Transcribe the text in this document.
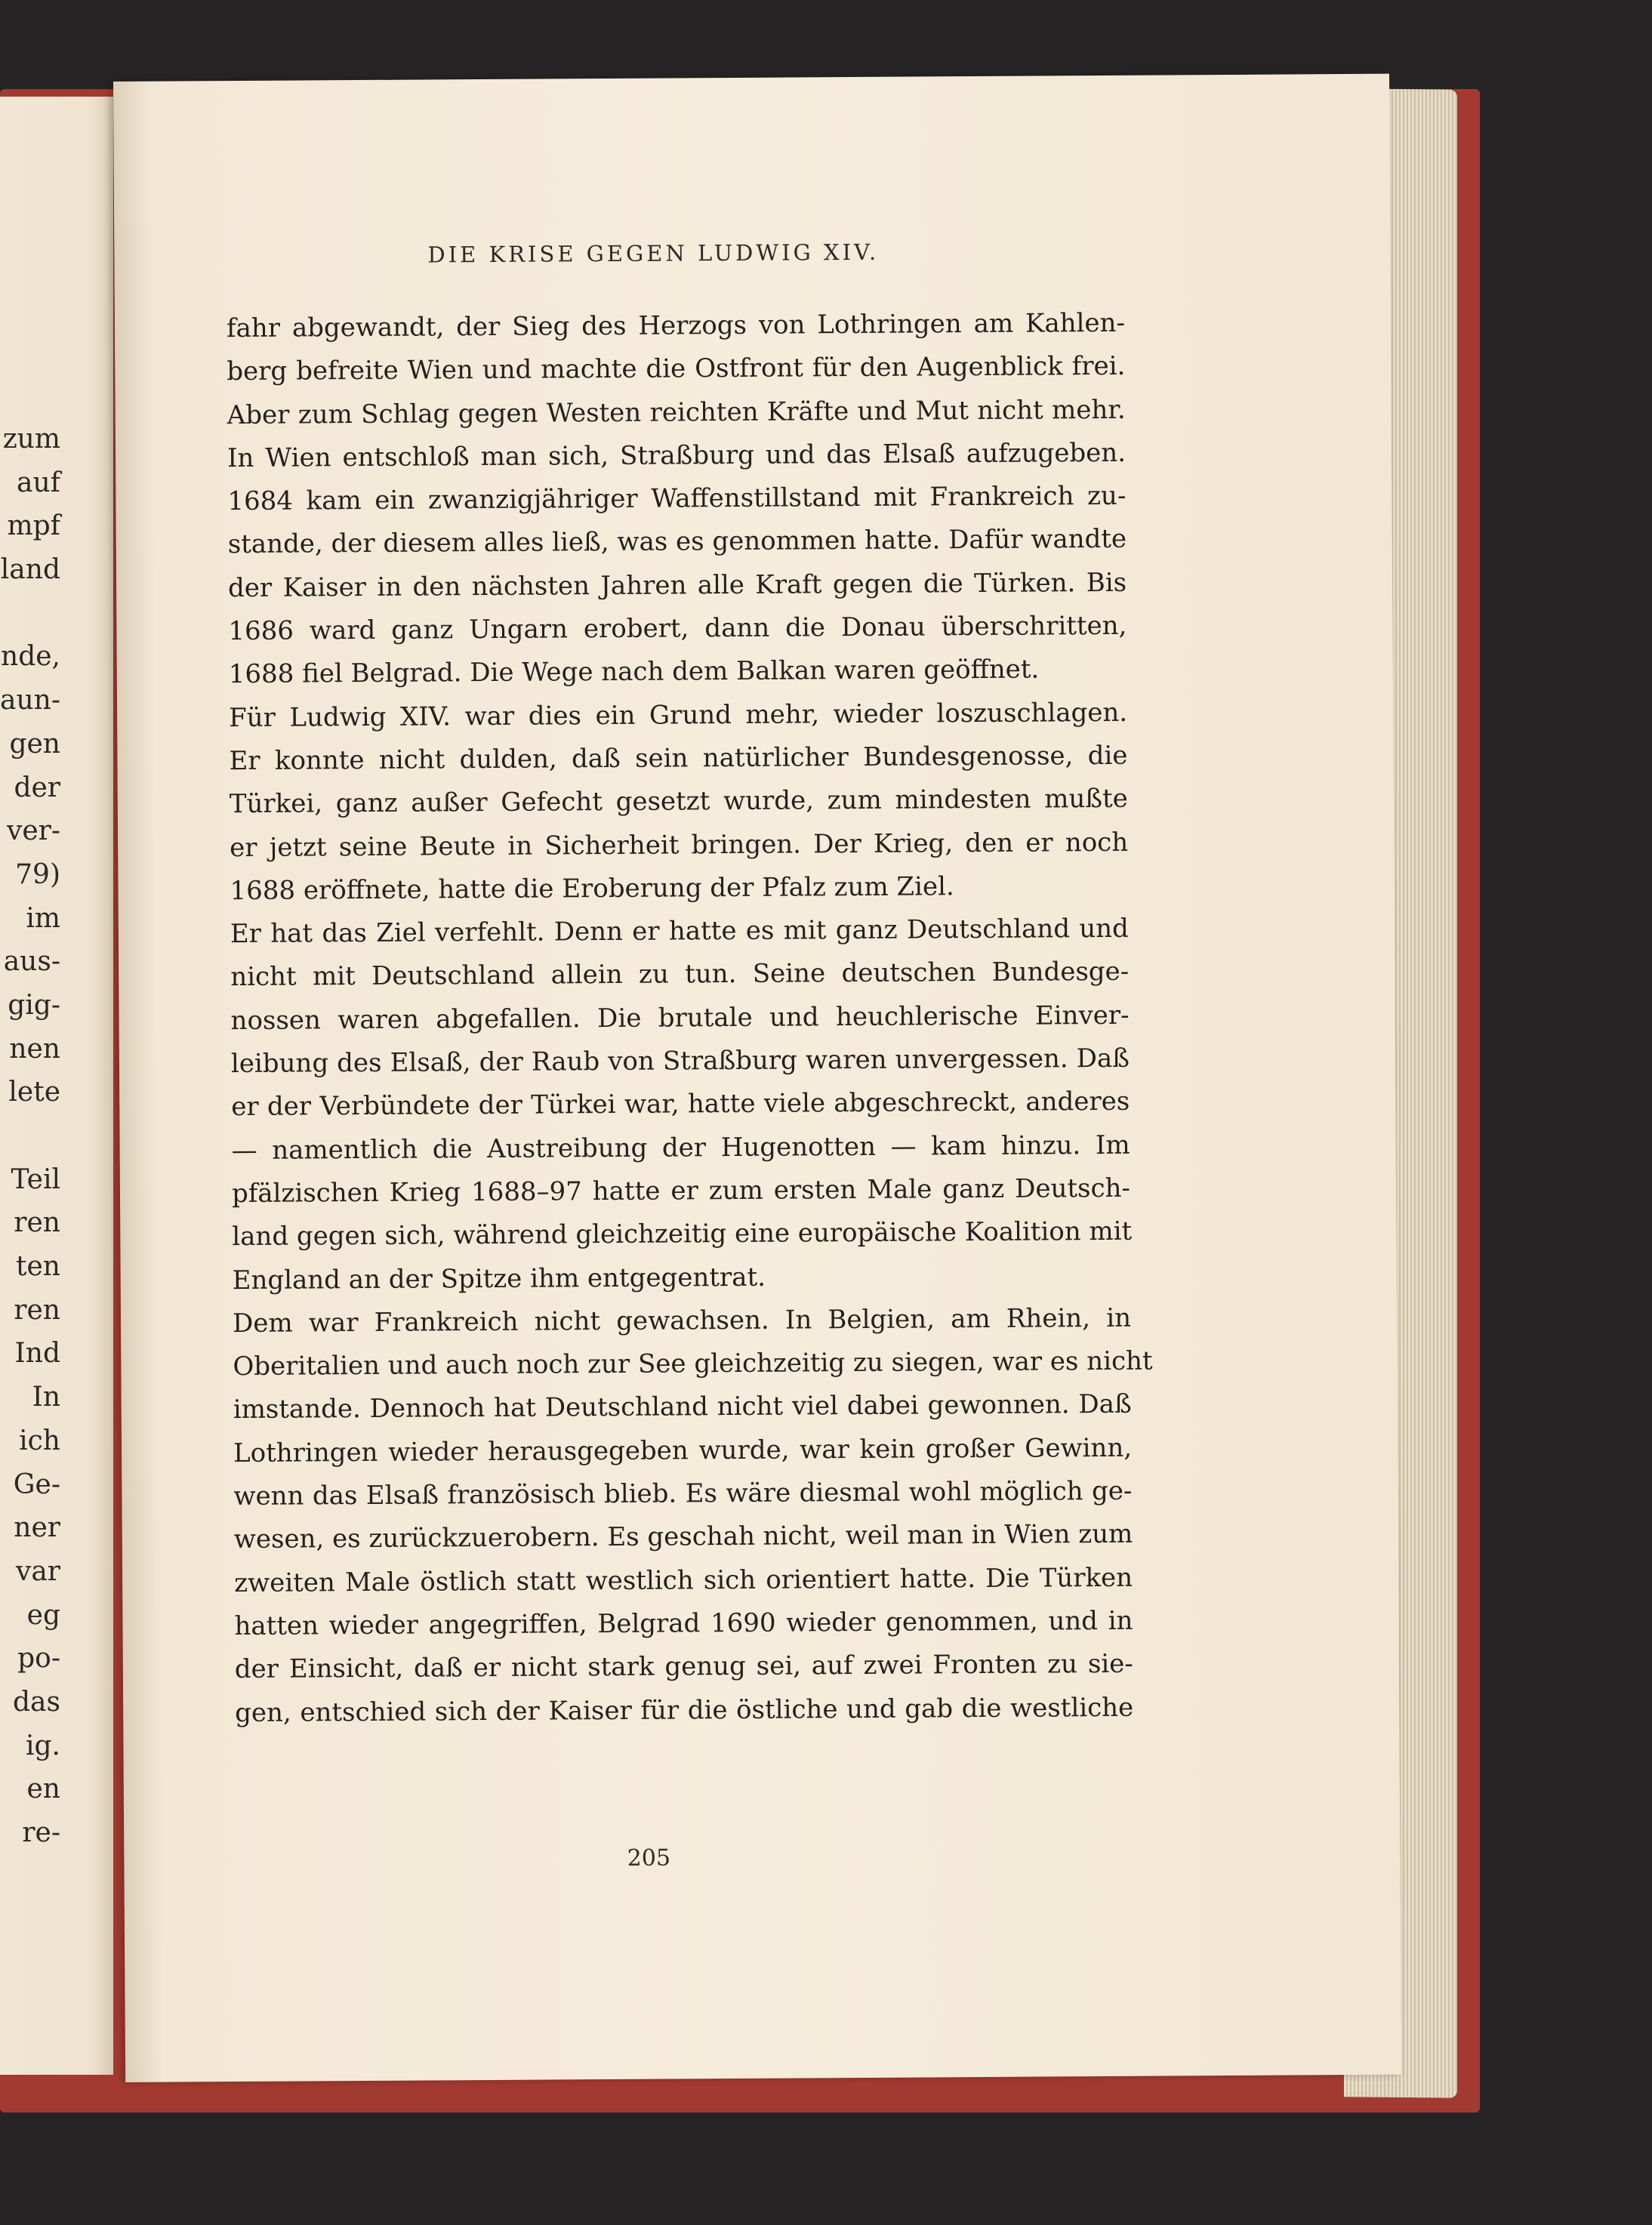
zum
auf
mpf
land
nde,
aun-
gen
der
ver-
79)
im
aus-
gig-
nen
lete
Teil
ren
ten
ren
Ind
In
ich
Ge-
ner
var
eg
po-
das
ig.
en
re-
DIE KRISE GEGEN LUDWIG XIV.
fahr abgewandt, der Sieg des Herzogs von Lothringen am Kahlen-
berg befreite Wien und machte die Ostfront für den Augenblick frei.
Aber zum Schlag gegen Westen reichten Kräfte und Mut nicht mehr.
In Wien entschloß man sich, Straßburg und das Elsaß aufzugeben.
1684 kam ein zwanzigjähriger Waffenstillstand mit Frankreich zu-
stande, der diesem alles ließ, was es genommen hatte. Dafür wandte
der Kaiser in den nächsten Jahren alle Kraft gegen die Türken. Bis
1686 ward ganz Ungarn erobert, dann die Donau überschritten,
1688 fiel Belgrad. Die Wege nach dem Balkan waren geöffnet.
Für Ludwig XIV. war dies ein Grund mehr, wieder loszuschlagen.
Er konnte nicht dulden, daß sein natürlicher Bundesgenosse, die
Türkei, ganz außer Gefecht gesetzt wurde, zum mindesten mußte
er jetzt seine Beute in Sicherheit bringen. Der Krieg, den er noch
1688 eröffnete, hatte die Eroberung der Pfalz zum Ziel.
Er hat das Ziel verfehlt. Denn er hatte es mit ganz Deutschland und
nicht mit Deutschland allein zu tun. Seine deutschen Bundesge-
nossen waren abgefallen. Die brutale und heuchlerische Einver-
leibung des Elsaß, der Raub von Straßburg waren unvergessen. Daß
er der Verbündete der Türkei war, hatte viele abgeschreckt, anderes
— namentlich die Austreibung der Hugenotten — kam hinzu. Im
pfälzischen Krieg 1688–97 hatte er zum ersten Male ganz Deutsch-
land gegen sich, während gleichzeitig eine europäische Koalition mit
England an der Spitze ihm entgegentrat.
Dem war Frankreich nicht gewachsen. In Belgien, am Rhein, in
Oberitalien und auch noch zur See gleichzeitig zu siegen, war es nicht
imstande. Dennoch hat Deutschland nicht viel dabei gewonnen. Daß
Lothringen wieder herausgegeben wurde, war kein großer Gewinn,
wenn das Elsaß französisch blieb. Es wäre diesmal wohl möglich ge-
wesen, es zurückzuerobern. Es geschah nicht, weil man in Wien zum
zweiten Male östlich statt westlich sich orientiert hatte. Die Türken
hatten wieder angegriffen, Belgrad 1690 wieder genommen, und in
der Einsicht, daß er nicht stark genug sei, auf zwei Fronten zu sie-
gen, entschied sich der Kaiser für die östliche und gab die westliche
205
